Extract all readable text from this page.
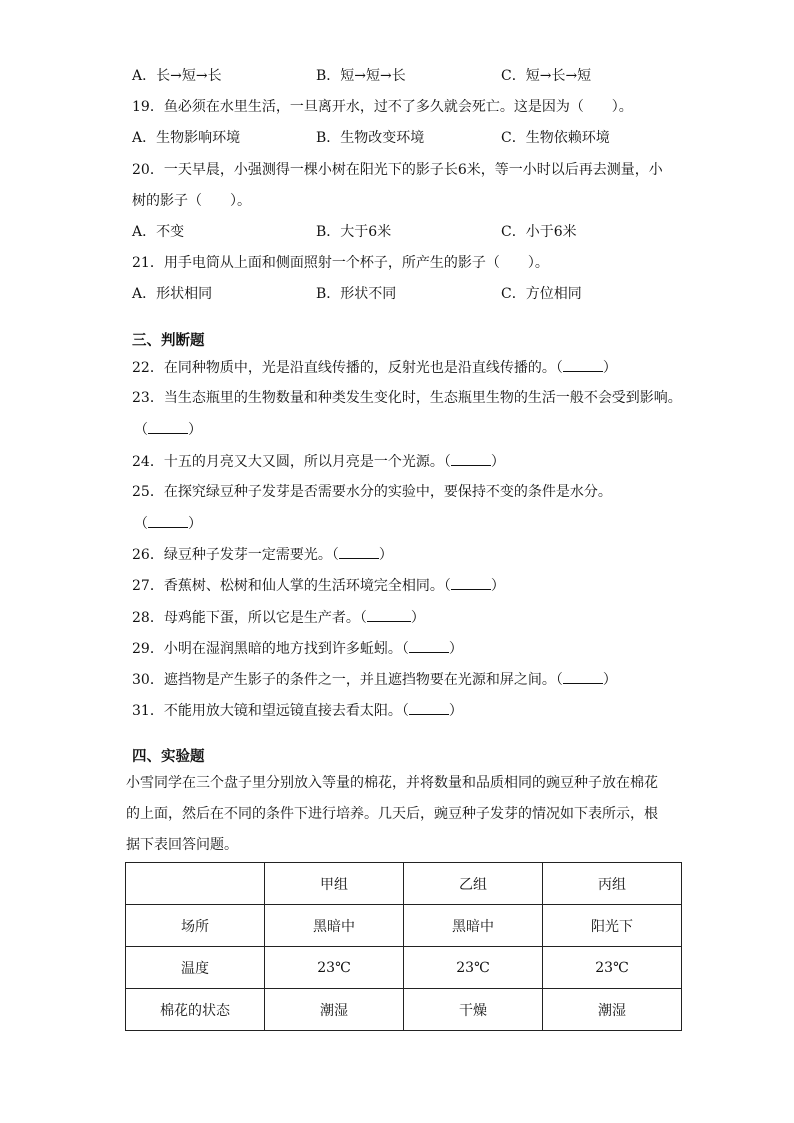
A．长→短→长	B．短→短→长	C．短→长→短
19．鱼必须在水里生活，一旦离开水，过不了多久就会死亡。这是因为（　　）。
A．生物影响环境	B．生物改变环境	C．生物依赖环境
20．一天早晨，小强测得一棵小树在阳光下的影子长6米，等一小时以后再去测量，小
树的影子（　　）。
A．不变	B．大于6米	C．小于6米
21．用手电筒从上面和侧面照射一个杯子，所产生的影子（　　）。
A．形状相同	B．形状不同	C．方位相同
三、判断题
22．在同种物质中，光是沿直线传播的，反射光也是沿直线传播的。（	）
23．当生态瓶里的生物数量和种类发生变化时，生态瓶里生物的生活一般不会受到影响。
（	）
24．十五的月亮又大又圆，所以月亮是一个光源。（	）
25．在探究绿豆种子发芽是否需要水分的实验中，要保持不变的条件是水分。
（	）
26．绿豆种子发芽一定需要光。（	）
27．香蕉树、松树和仙人掌的生活环境完全相同。（	）
28．母鸡能下蛋，所以它是生产者。（	）
29．小明在湿润黑暗的地方找到许多蚯蚓。（	）
30．遮挡物是产生影子的条件之一，并且遮挡物要在光源和屏之间。（	）
31．不能用放大镜和望远镜直接去看太阳。（	）
四、实验题
小雪同学在三个盘子里分别放入等量的棉花，并将数量和品质相同的豌豆种子放在棉花
的上面，然后在不同的条件下进行培养。几天后，豌豆种子发芽的情况如下表所示，根
据下表回答问题。
	甲组	乙组	丙组
场所	黑暗中	黑暗中	阳光下
温度	23℃	23℃	23℃
棉花的状态	潮湿	干燥	潮湿
